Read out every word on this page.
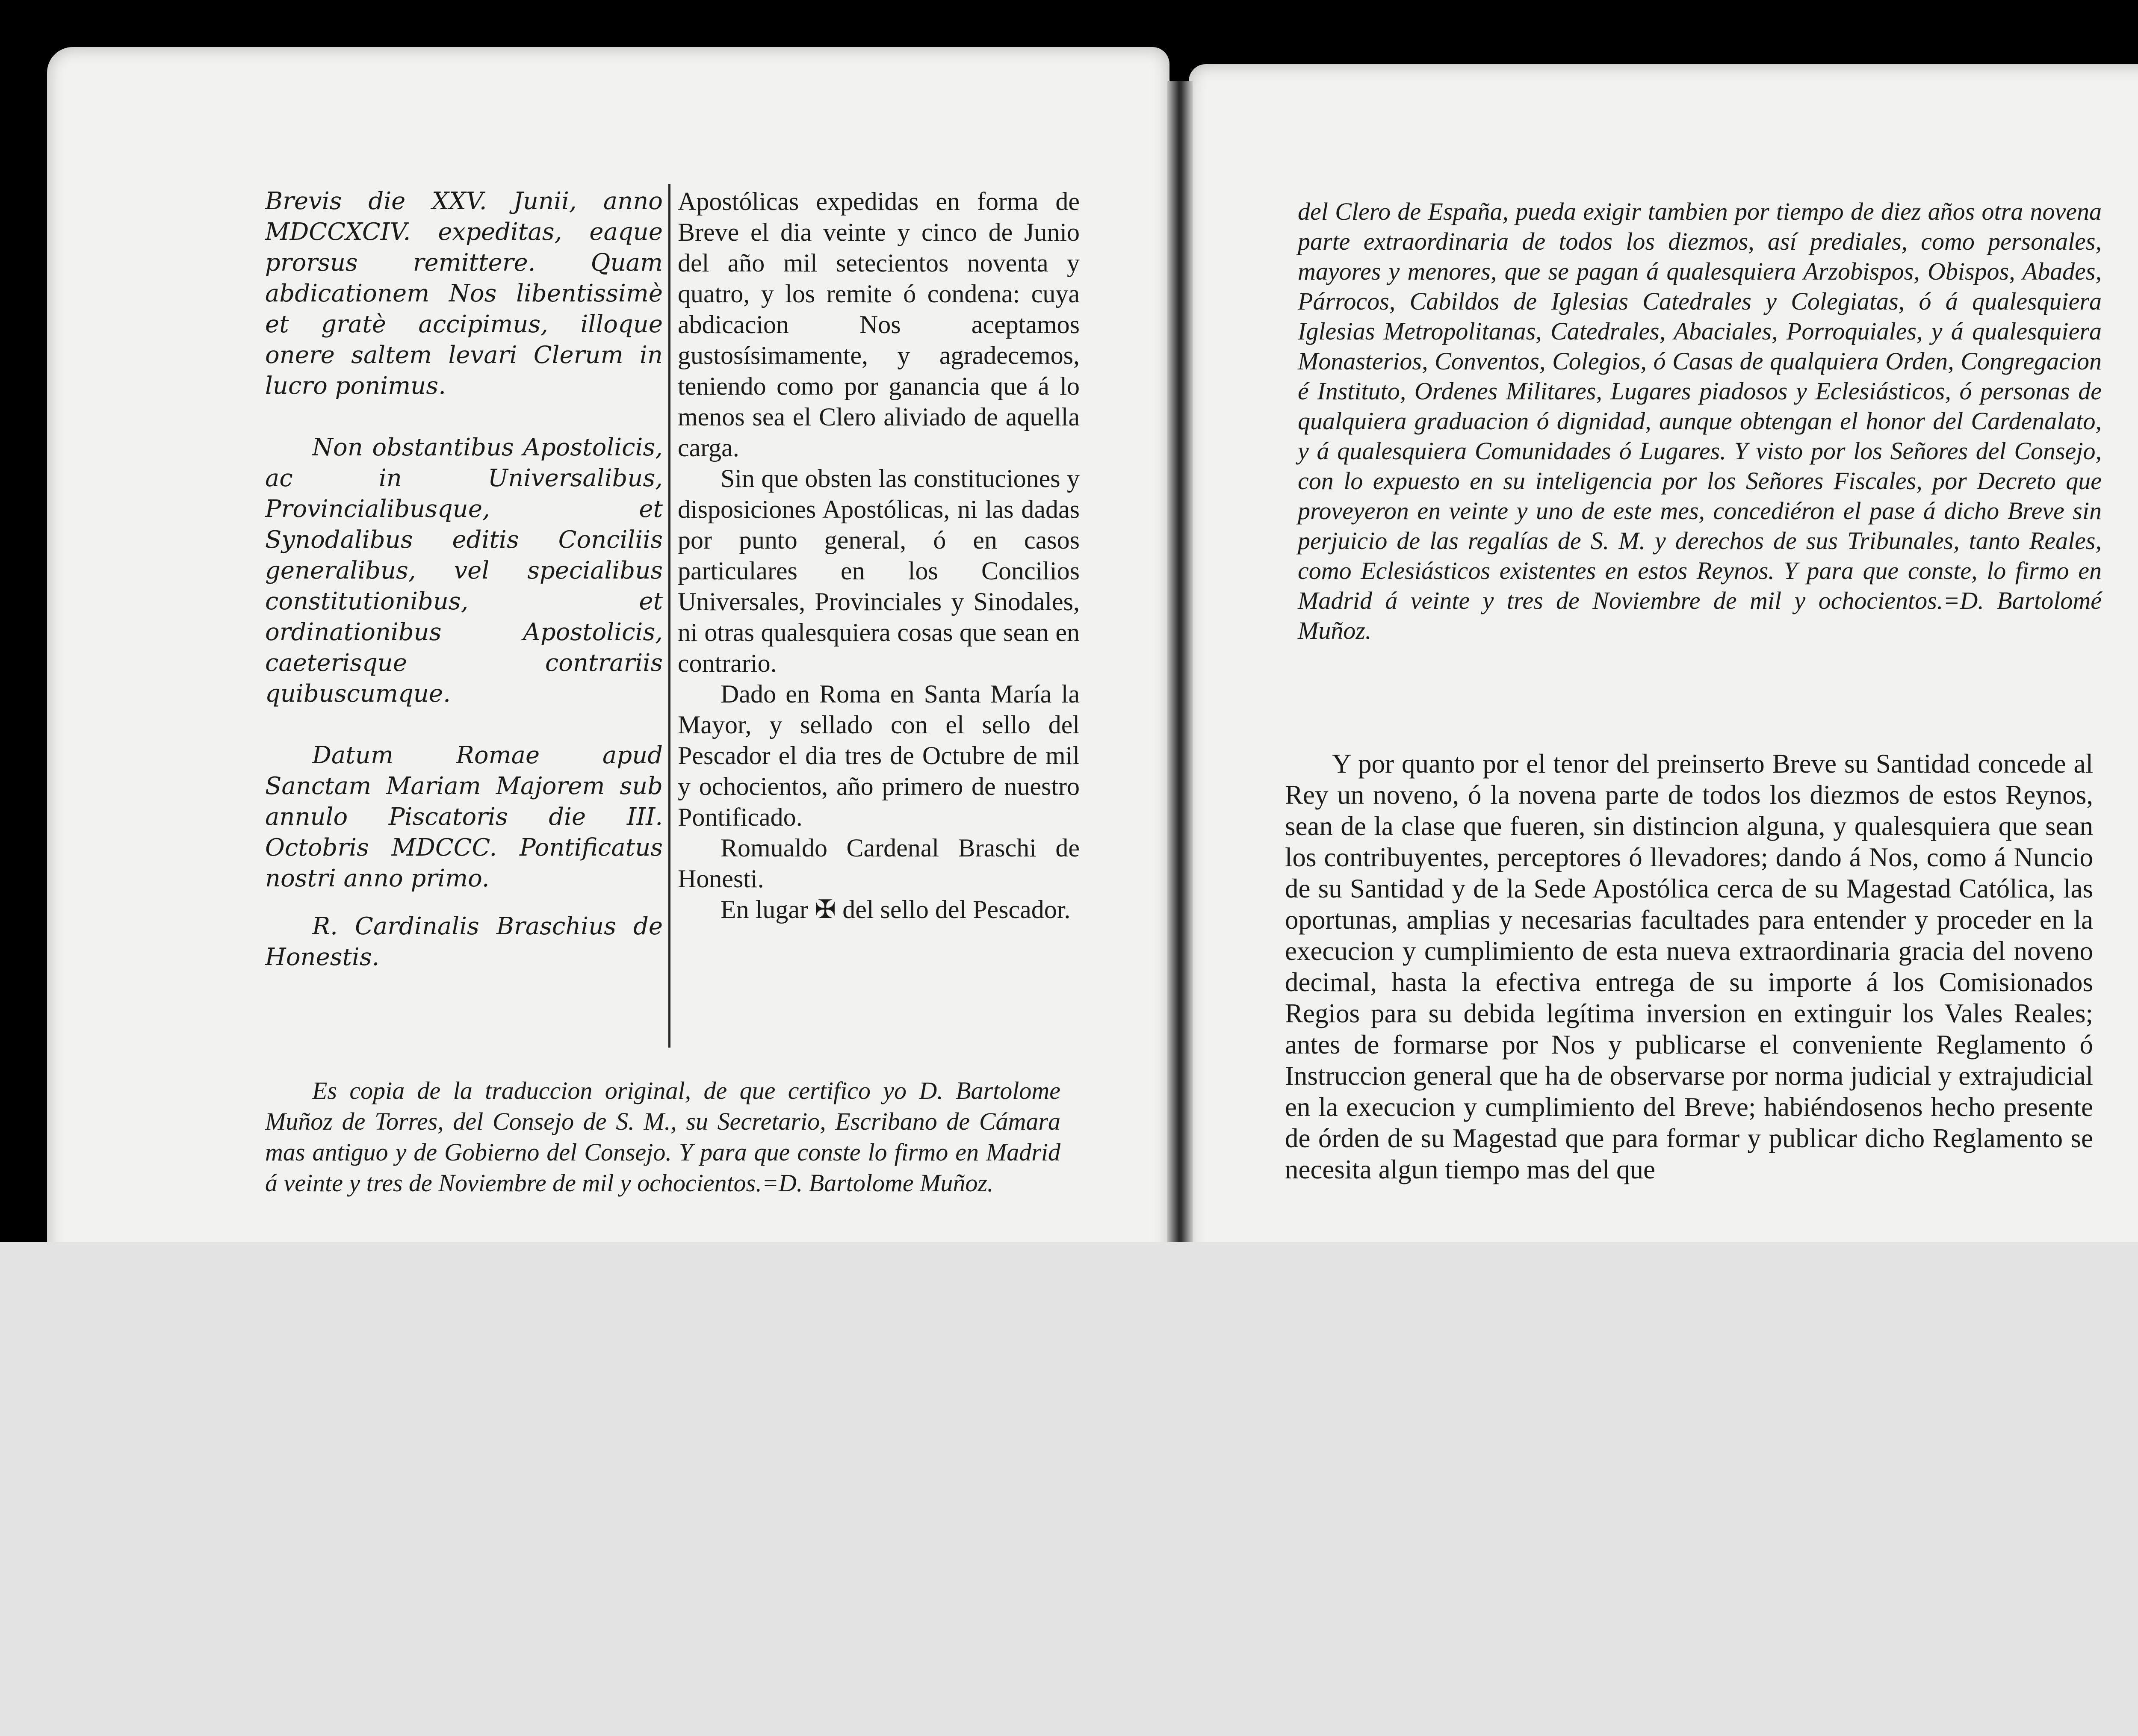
Brevis die XXV. Junii, anno MDCCXCIV. expeditas, eaque prorsus remittere. Quam abdicationem Nos libentissimè et gratè accipimus, illoque onere saltem levari Clerum in lucro ponimus.

Non obstantibus Apostolicis, ac in Universalibus, Provincialibusque, et Synodalibus editis Conciliis generalibus, vel specialibus constitutionibus, et ordinationibus Apostolicis, caeterisque contrariis quibuscumque.

Datum Romae apud Sanctam Mariam Majorem sub annulo Piscatoris die III. Octobris MDCCC. Pontificatus nostri anno primo.

R. Cardinalis Braschius de Honestis.

Apostólicas expedidas en forma de Breve el dia veinte y cinco de Junio del año mil setecientos noventa y quatro, y los remite ó condena: cuya abdicacion Nos aceptamos gustosísimamente, y agradecemos, teniendo como por ganancia que á lo menos sea el Clero aliviado de aquella carga.

Sin que obsten las constituciones y disposiciones Apostólicas, ni las dadas por punto general, ó en casos particulares en los Concilios Universales, Provinciales y Sinodales, ni otras qualesquiera cosas que sean en contrario.

Dado en Roma en Santa María la Mayor, y sellado con el sello del Pescador el dia tres de Octubre de mil y ochocientos, año primero de nuestro Pontificado.

Romualdo Cardenal Braschi de Honesti.

En lugar ✠ del sello del Pescador.

Es copia de la traduccion original, de que certifico yo D. Bartolome Muñoz de Torres, del Consejo de S. M., su Secretario, Escribano de Cámara mas antiguo y de Gobierno del Consejo. Y para que conste lo firmo en Madrid á veinte y tres de Noviembre de mil y ochocientos.=D. Bartolome Muñoz.

del Clero de España, pueda exigir tambien por tiempo de diez años otra novena parte extraordinaria de todos los diezmos, así prediales, como personales, mayores y menores, que se pagan á qualesquiera Arzobispos, Obispos, Abades, Párrocos, Cabildos de Iglesias Catedrales y Colegiatas, ó á qualesquiera Iglesias Metropolitanas, Catedrales, Abaciales, Porroquiales, y á qualesquiera Monasterios, Conventos, Colegios, ó Casas de qualquiera Orden, Congregacion é Instituto, Ordenes Militares, Lugares piadosos y Eclesiásticos, ó personas de qualquiera graduacion ó dignidad, aunque obtengan el honor del Cardenalato, y á qualesquiera Comunidades ó Lugares. Y visto por los Señores del Consejo, con lo expuesto en su inteligencia por los Señores Fiscales, por Decreto que proveyeron en veinte y uno de este mes, concediéron el pase á dicho Breve sin perjuicio de las regalías de S. M. y derechos de sus Tribunales, tanto Reales, como Eclesiásticos existentes en estos Reynos. Y para que conste, lo firmo en Madrid á veinte y tres de Noviembre de mil y ochocientos.=D. Bartolomé Muñoz.

Y por quanto por el tenor del preinserto Breve su Santidad concede al Rey un noveno, ó la novena parte de todos los diezmos de estos Reynos, sean de la clase que fueren, sin distincion alguna, y qualesquiera que sean los contribuyentes, perceptores ó llevadores; dando á Nos, como á Nuncio de su Santidad y de la Sede Apostólica cerca de su Magestad Católica, las oportunas, amplias y necesarias facultades para entender y proceder en la execucion y cumplimiento de esta nueva extraordinaria gracia del noveno decimal, hasta la efectiva entrega de su importe á los Comisionados Regios para su debida legítima inversion en extinguir los Vales Reales; antes de formarse por Nos y publicarse el conveniente Reglamento ó Instruccion general que ha de observarse por norma judicial y extrajudicial en la execucion y cumplimiento del Breve; habiéndosenos hecho presente de órden de su Magestad que para formar y publicar dicho Reglamento se necesita algun tiempo mas del que
